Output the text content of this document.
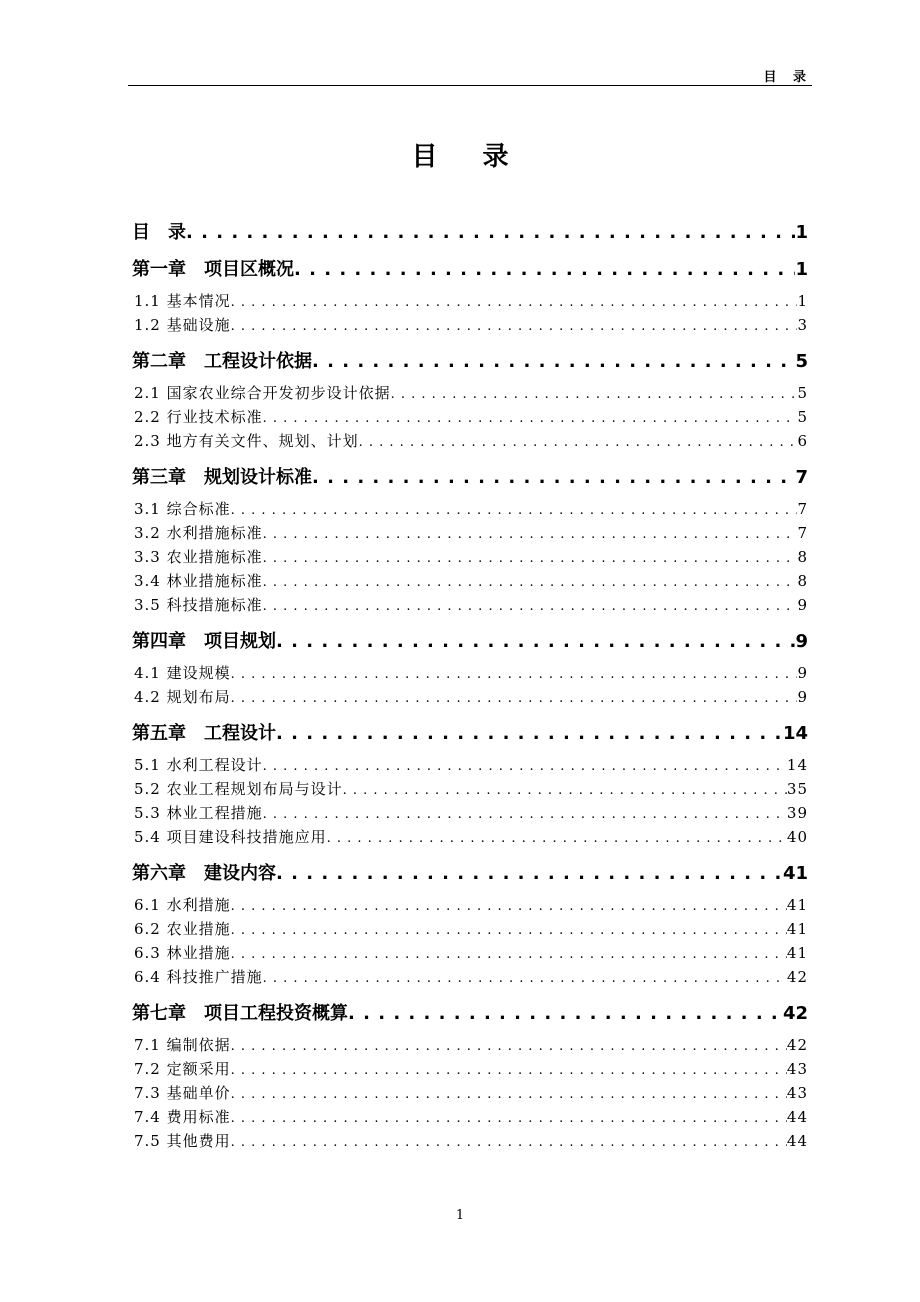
目 录
目 录
目　录 . . .	1
第一章　项目区概况 . . .	1
1.1 基本情况 . . .	1
1.2 基础设施 . . .	3
第二章　工程设计依据 . . .	5
2.1 国家农业综合开发初步设计依据 . . .	5
2.2 行业技术标准 . . .	5
2.3 地方有关文件、规划、计划 . . .	6
第三章　规划设计标准 . . .	7
3.1 综合标准 . . .	7
3.2 水利措施标准 . . .	7
3.3 农业措施标准 . . .	8
3.4 林业措施标准 . . .	8
3.5 科技措施标准 . . .	9
第四章　项目规划 . . .	9
4.1 建设规模 . . .	9
4.2 规划布局 . . .	9
第五章　工程设计 . . .	14
5.1 水利工程设计 . . .	14
5.2 农业工程规划布局与设计 . . .	35
5.3 林业工程措施 . . .	39
5.4 项目建设科技措施应用 . . .	40
第六章　建设内容 . . .	41
6.1 水利措施 . . .	41
6.2 农业措施 . . .	41
6.3 林业措施 . . .	41
6.4 科技推广措施 . . .	42
第七章　项目工程投资概算 . . .	42
7.1 编制依据 . . .	42
7.2 定额采用 . . .	43
7.3 基础单价 . . .	43
7.4 费用标准 . . .	44
7.5 其他费用 . . .	44
1
